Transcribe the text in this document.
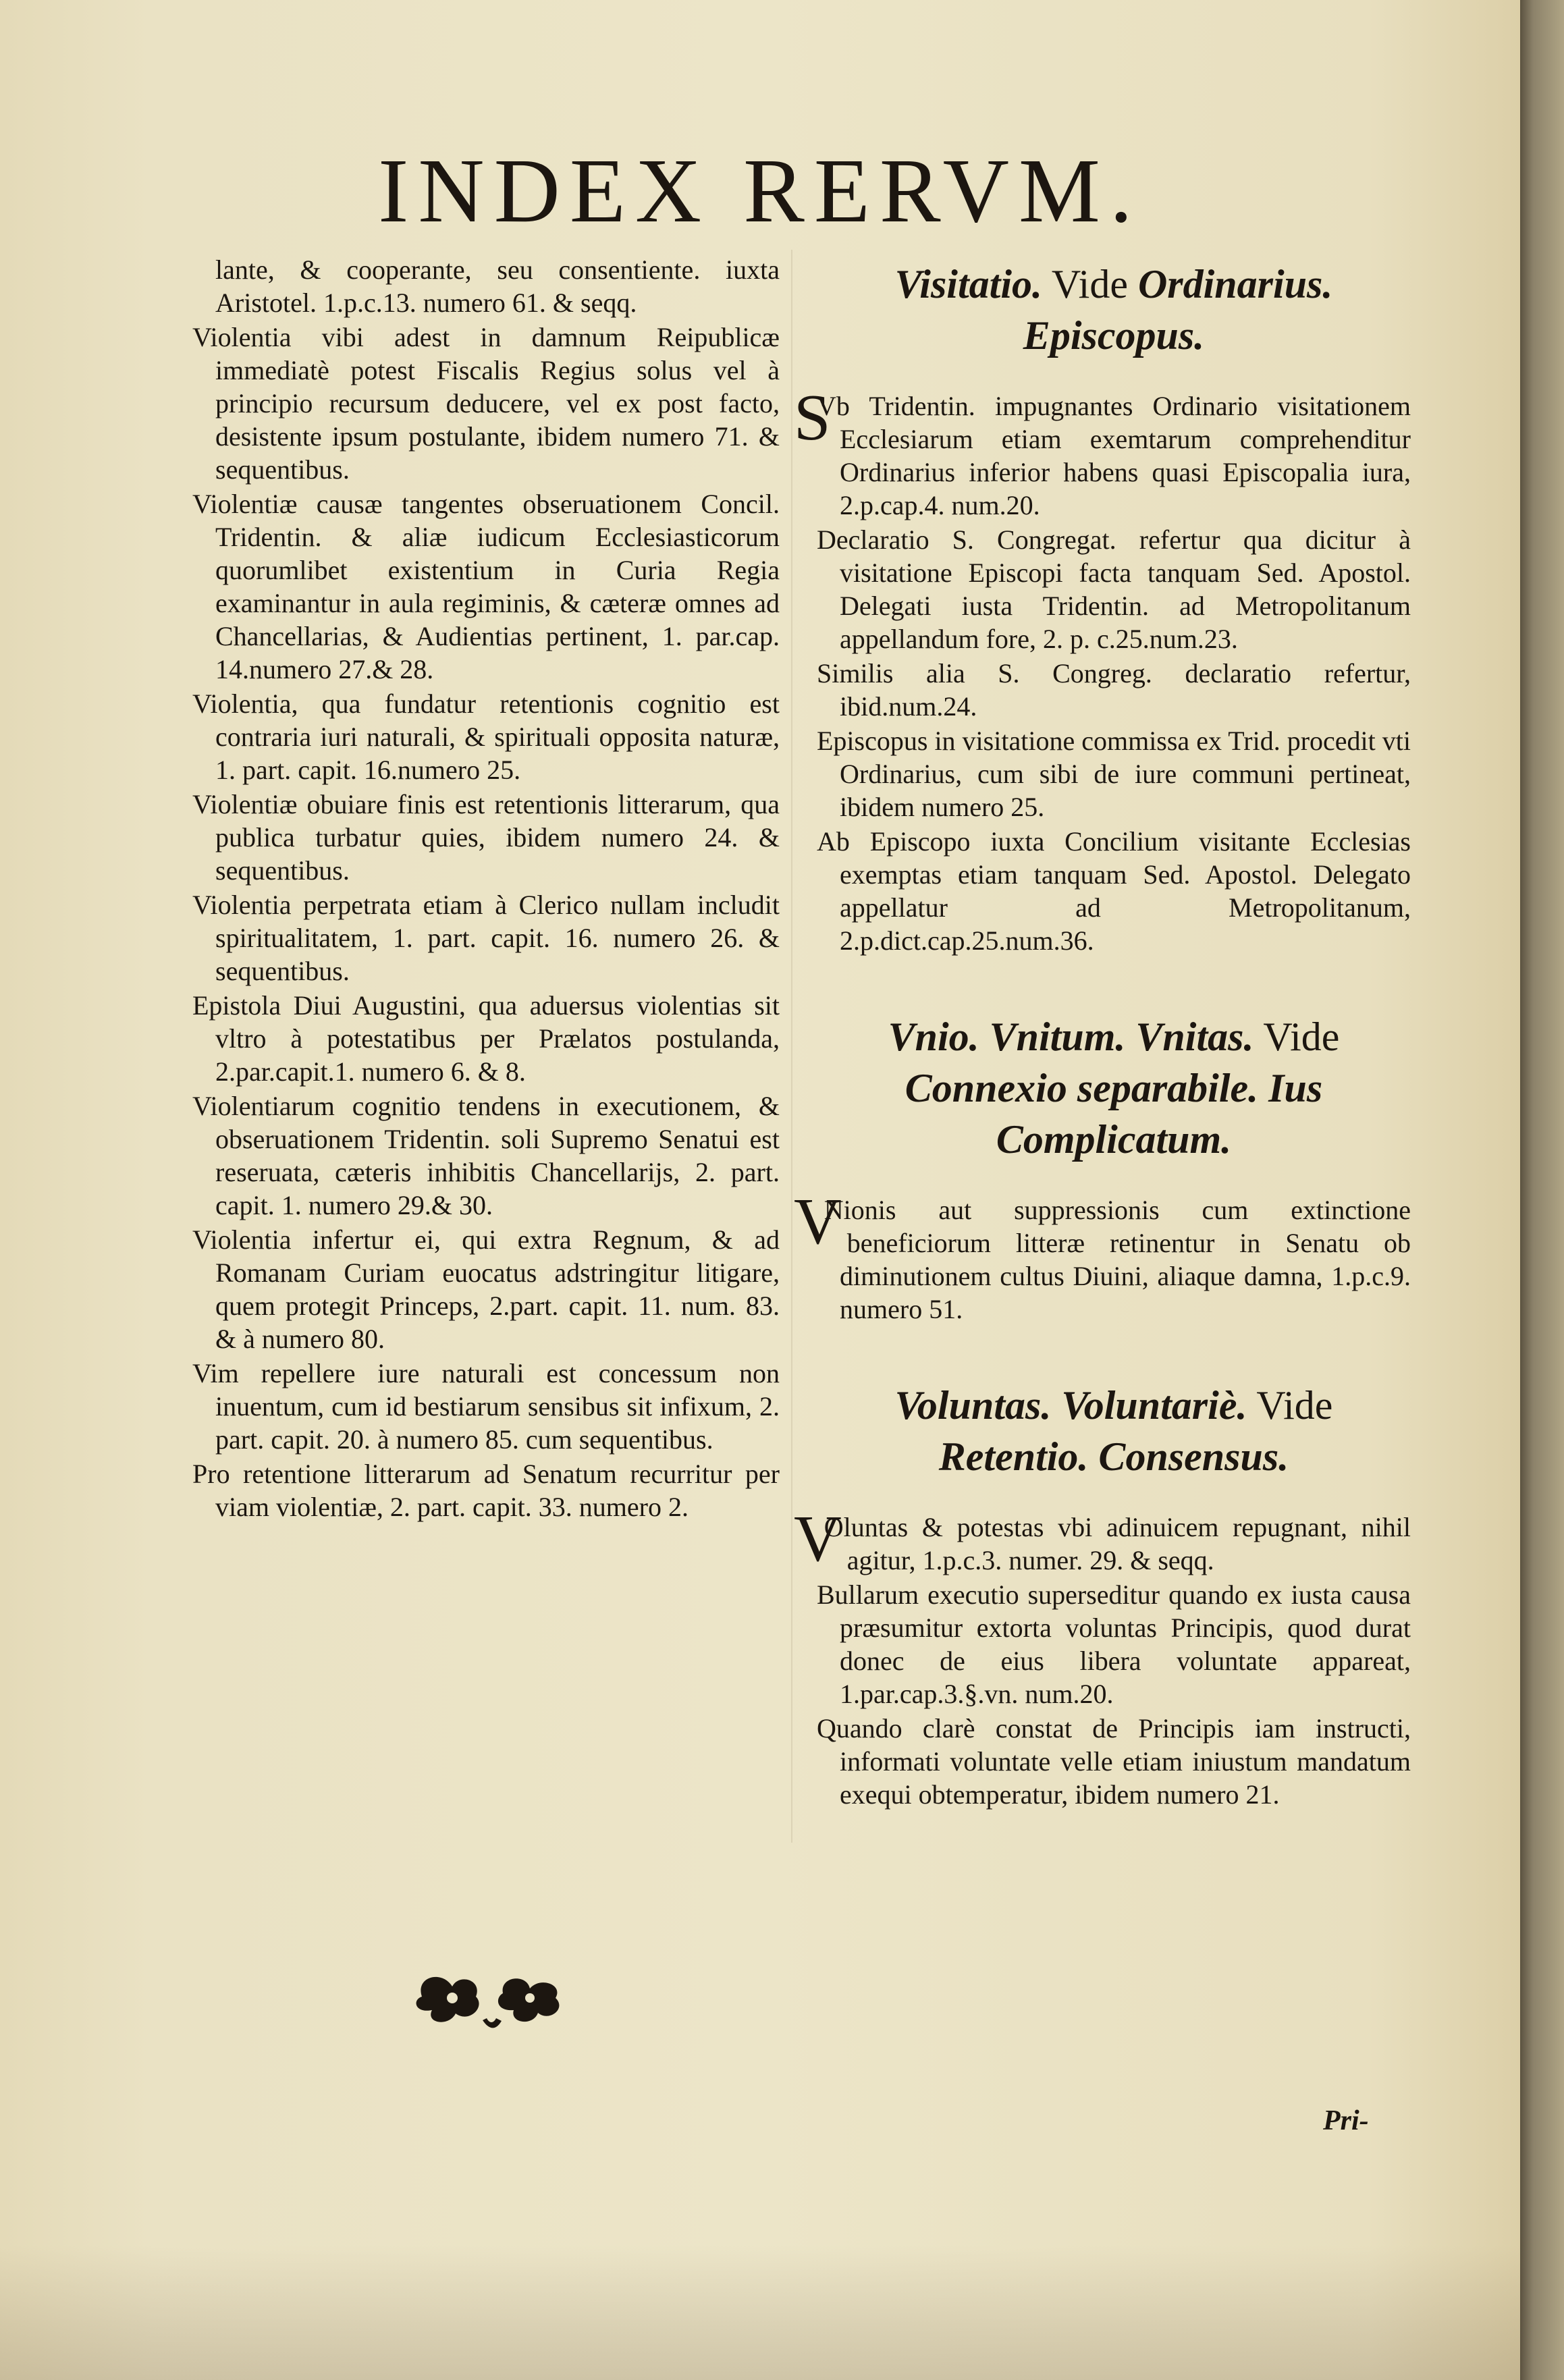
INDEX RERVM.

lante, & cooperante, seu consentiente. iuxta Aristotel. 1.p.c.13. numero 61. & seqq.

Violentia vibi adest in damnum Reipublicæ immediatè potest Fiscalis Regius solus vel à principio recursum deducere, vel ex post facto, desistente ipsum postulante, ibidem numero 71. & sequentibus.

Violentiæ causæ tangentes obseruationem Concil. Tridentin. & aliæ iudicum Ecclesiasticorum quorumlibet existentium in Curia Regia examinantur in aula regiminis, & cæteræ omnes ad Chancellarias, & Audientias pertinent, 1. par.cap. 14.numero 27.& 28.

Violentia, qua fundatur retentionis cognitio est contraria iuri naturali, & spirituali opposita naturæ, 1. part. capit. 16.numero 25.

Violentiæ obuiare finis est retentionis litterarum, qua publica turbatur quies, ibidem numero 24. & sequentibus.

Violentia perpetrata etiam à Clerico nullam includit spiritualitatem, 1. part. capit. 16. numero 26. & sequentibus.

Epistola Diui Augustini, qua aduersus violentias sit vltro à potestatibus per Prælatos postulanda, 2.par.capit.1. numero 6. & 8.

Violentiarum cognitio tendens in executionem, & obseruationem Tridentin. soli Supremo Senatui est reseruata, cæteris inhibitis Chancellarijs, 2. part. capit. 1. numero 29.& 30.

Violentia infertur ei, qui extra Regnum, & ad Romanam Curiam euocatus adstringitur litigare, quem protegit Princeps, 2.part. capit. 11. num. 83. & à numero 80.

Vim repellere iure naturali est concessum non inuentum, cum id bestiarum sensibus sit infixum, 2. part. capit. 20. à numero 85. cum sequentibus.

Pro retentione litterarum ad Senatum recurritur per viam violentiæ, 2. part. capit. 33. numero 2.

Visitatio. Vide Ordinarius. Episcopus.

S
Vb Tridentin. impugnantes Ordinario visitationem Ecclesiarum etiam exemtarum comprehenditur Ordinarius inferior habens quasi Episcopalia iura, 2.p.cap.4. num.20.

Declaratio S. Congregat. refertur qua dicitur à visitatione Episcopi facta tanquam Sed. Apostol. Delegati iusta Tridentin. ad Metropolitanum appellandum fore, 2. p. c.25.num.23.

Similis alia S. Congreg. declaratio refertur, ibid.num.24.

Episcopus in visitatione commissa ex Trid. procedit vti Ordinarius, cum sibi de iure communi pertineat, ibidem numero 25.

Ab Episcopo iuxta Concilium visitante Ecclesias exemptas etiam tanquam Sed. Apostol. Delegato appellatur ad Metropolitanum, 2.p.dict.cap.25.num.36.

Vnio. Vnitum. Vnitas. Vide Connexio separabile. Ius Complicatum.

V
Nionis aut suppressionis cum extinctione beneficiorum litteræ retinentur in Senatu ob diminutionem cultus Diuini, aliaque damna, 1.p.c.9. numero 51.

Voluntas. Voluntariè. Vide Retentio. Consensus.

V
Oluntas & potestas vbi adinuicem repugnant, nihil agitur, 1.p.c.3. numer. 29. & seqq.

Bullarum executio superseditur quando ex iusta causa præsumitur extorta voluntas Principis, quod durat donec de eius libera voluntate appareat, 1.par.cap.3.§.vn. num.20.

Quando clarè constat de Principis iam instructi, informati voluntate velle etiam iniustum mandatum exequi obtemperatur, ibidem numero 21.

Pri-
